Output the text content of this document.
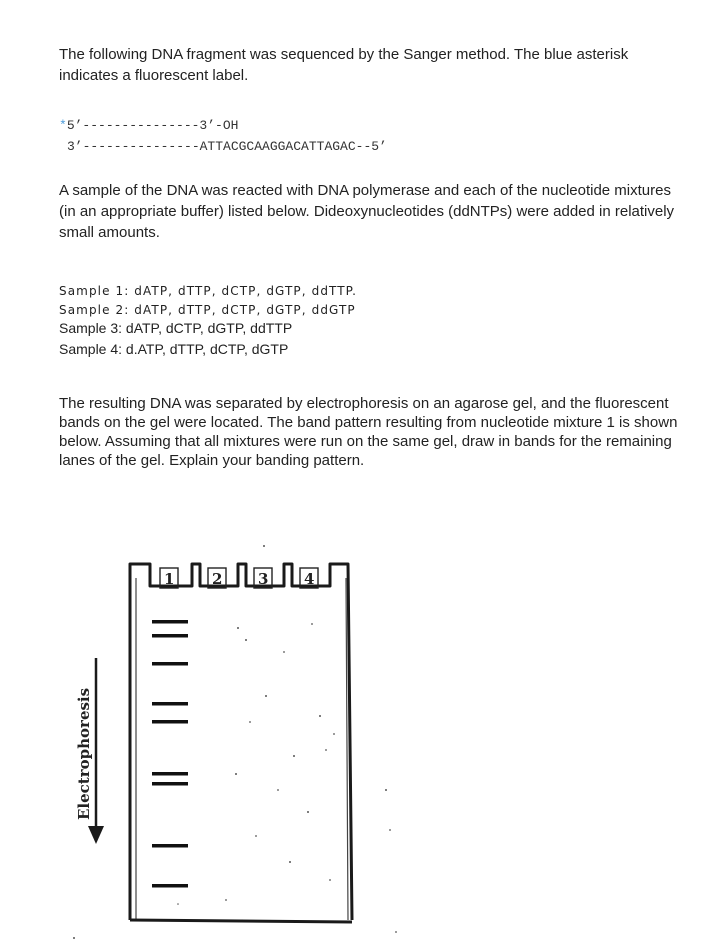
The following DNA fragment was sequenced by the Sanger method. The blue asterisk indicates a fluorescent label.

*5’---------------3’-OH
3’---------------ATTACGCAAGGACATTAGAC--5’

A sample of the DNA was reacted with DNA polymerase and each of the nucleotide mixtures (in an appropriate buffer) listed below. Dideoxynucleotides (ddNTPs) were added in relatively small amounts.

Sample 1: dATP, dTTP, dCTP, dGTP, ddTTP.

Sample 2: dATP, dTTP, dCTP, dGTP, ddGTP

Sample 3: dATP, dCTP, dGTP, ddTTP

Sample 4: d.ATP, dTTP, dCTP, dGTP

The resulting DNA was separated by electrophoresis on an agarose gel, and the fluorescent bands on the gel were located. The band pattern resulting from nucleotide mixture 1 is shown below. Assuming that all mixtures were run on the same gel, draw in bands for the remaining lanes of the gel. Explain your banding pattern.

1	2 3 4
Electrophoresis
